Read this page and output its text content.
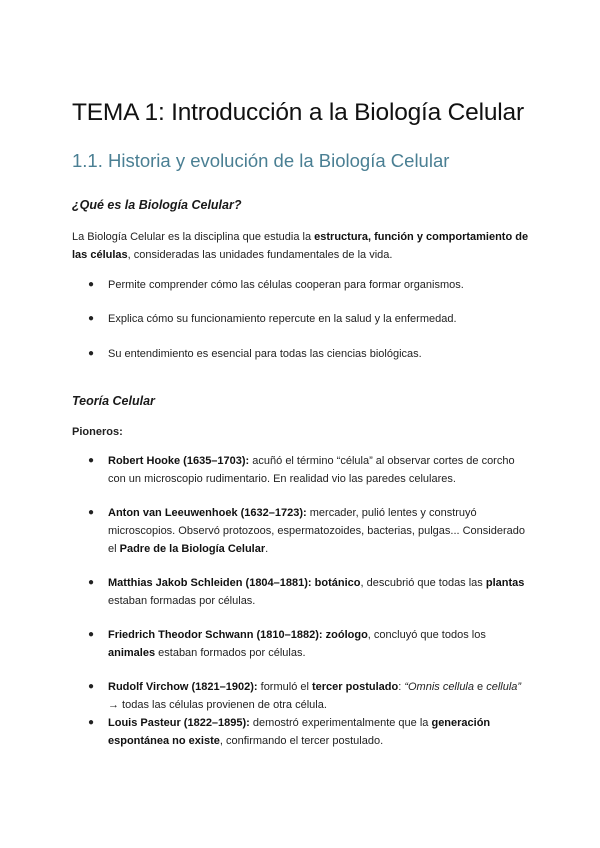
TEMA 1: Introducción a la Biología Celular
1.1. Historia y evolución de la Biología Celular
¿Qué es la Biología Celular?

La Biología Celular es la disciplina que estudia la estructura, función y comportamiento de las células, consideradas las unidades fundamentales de la vida.

● Permite comprender cómo las células cooperan para formar organismos.
● Explica cómo su funcionamiento repercute en la salud y la enfermedad.
● Su entendimiento es esencial para todas las ciencias biológicas.
Teoría Celular
Pioneros:
● Robert Hooke (1635–1703): acuñó el término “célula” al observar cortes de corcho con un microscopio rudimentario. En realidad vio las paredes celulares.
● Anton van Leeuwenhoek (1632–1723): mercader, pulió lentes y construyó microscopios. Observó protozoos, espermatozoides, bacterias, pulgas... Considerado el Padre de la Biología Celular.
● Matthias Jakob Schleiden (1804–1881): botánico, descubrió que todas las plantas estaban formadas por células.
● Friedrich Theodor Schwann (1810–1882): zoólogo, concluyó que todos los animales estaban formados por células.
● Rudolf Virchow (1821–1902): formuló el tercer postulado: “Omnis cellula e cellula” → todas las células provienen de otra célula.
● Louis Pasteur (1822–1895): demostró experimentalmente que la generación espontánea no existe, confirmando el tercer postulado.
